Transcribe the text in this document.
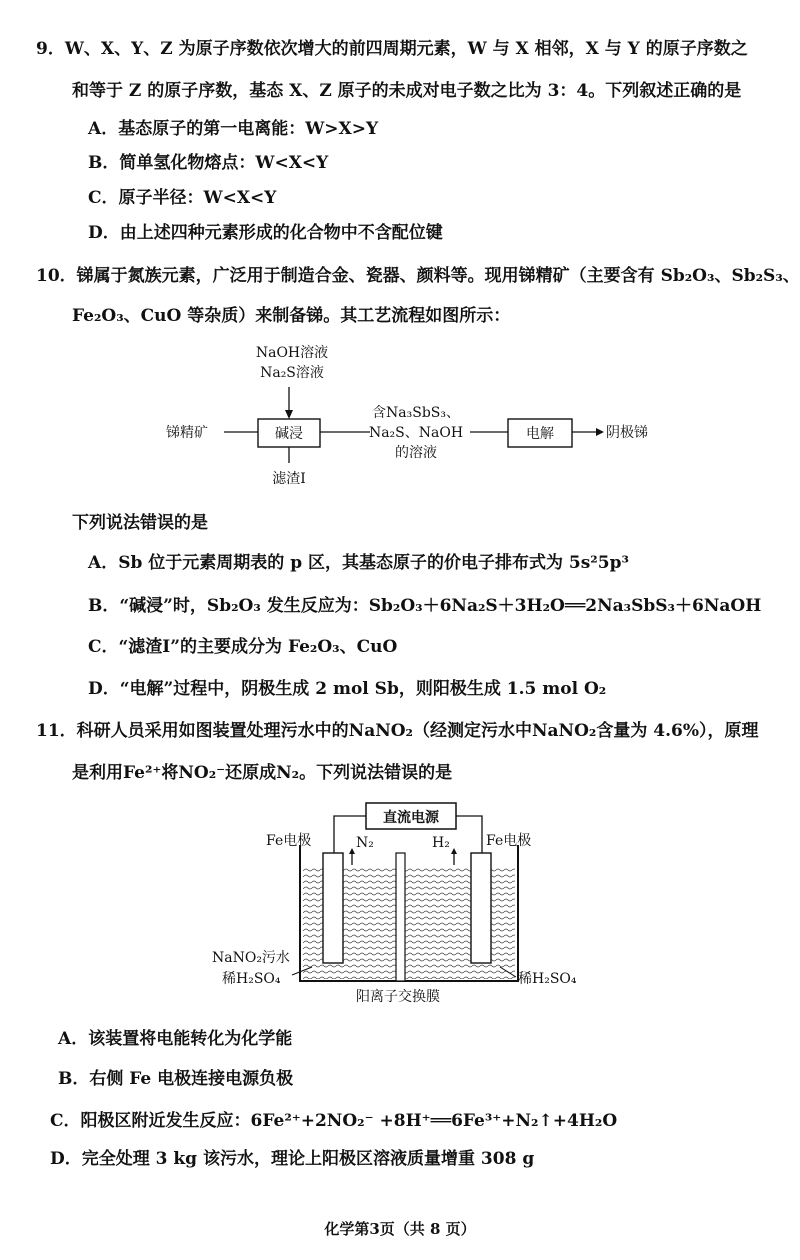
9．W、X、Y、Z 为原子序数依次增大的前四周期元素，W 与 X 相邻，X 与 Y 的原子序数之
和等于 Z 的原子序数，基态 X、Z 原子的未成对电子数之比为 3：4。下列叙述正确的是
A．基态原子的第一电离能：W>X>Y
B．简单氢化物熔点：W<X<Y
C．原子半径：W<X<Y
D．由上述四种元素形成的化合物中不含配位键
10．锑属于氮族元素，广泛用于制造合金、瓷器、颜料等。现用锑精矿（主要含有 Sb₂O₃、Sb₂S₃、
Fe₂O₃、CuO 等杂质）来制备锑。其工艺流程如图所示：
NaOH溶液
Na₂S溶液
锑精矿	碱浸
滤渣I
含Na₃SbS₃、
Na₂S、NaOH
的溶液
电解	阴极锑
下列说法错误的是
A．Sb 位于元素周期表的 p 区，其基态原子的价电子排布式为 5s²5p³
B．“碱浸”时，Sb₂O₃ 发生反应为：Sb₂O₃＋6Na₂S＋3H₂O══2Na₃SbS₃＋6NaOH
C．“滤渣I”的主要成分为 Fe₂O₃、CuO
D．“电解”过程中，阴极生成 2 mol Sb，则阳极生成 1.5 mol O₂
11．科研人员采用如图装置处理污水中的NaNO₂（经测定污水中NaNO₂含量为 4.6%），原理
是利用Fe²⁺将NO₂⁻还原成N₂。下列说法错误的是
直流电源
Fe电极	Fe电极
N₂	H₂
NaNO₂污水
稀H₂SO₄	稀H₂SO₄
阳离子交换膜
A．该装置将电能转化为化学能
B．右侧 Fe 电极连接电源负极
C．阳极区附近发生反应：6Fe²⁺+2NO₂⁻ +8H⁺══6Fe³⁺+N₂↑+4H₂O
D．完全处理 3 kg 该污水，理论上阳极区溶液质量增重 308 g
化学第3页（共 8 页）
